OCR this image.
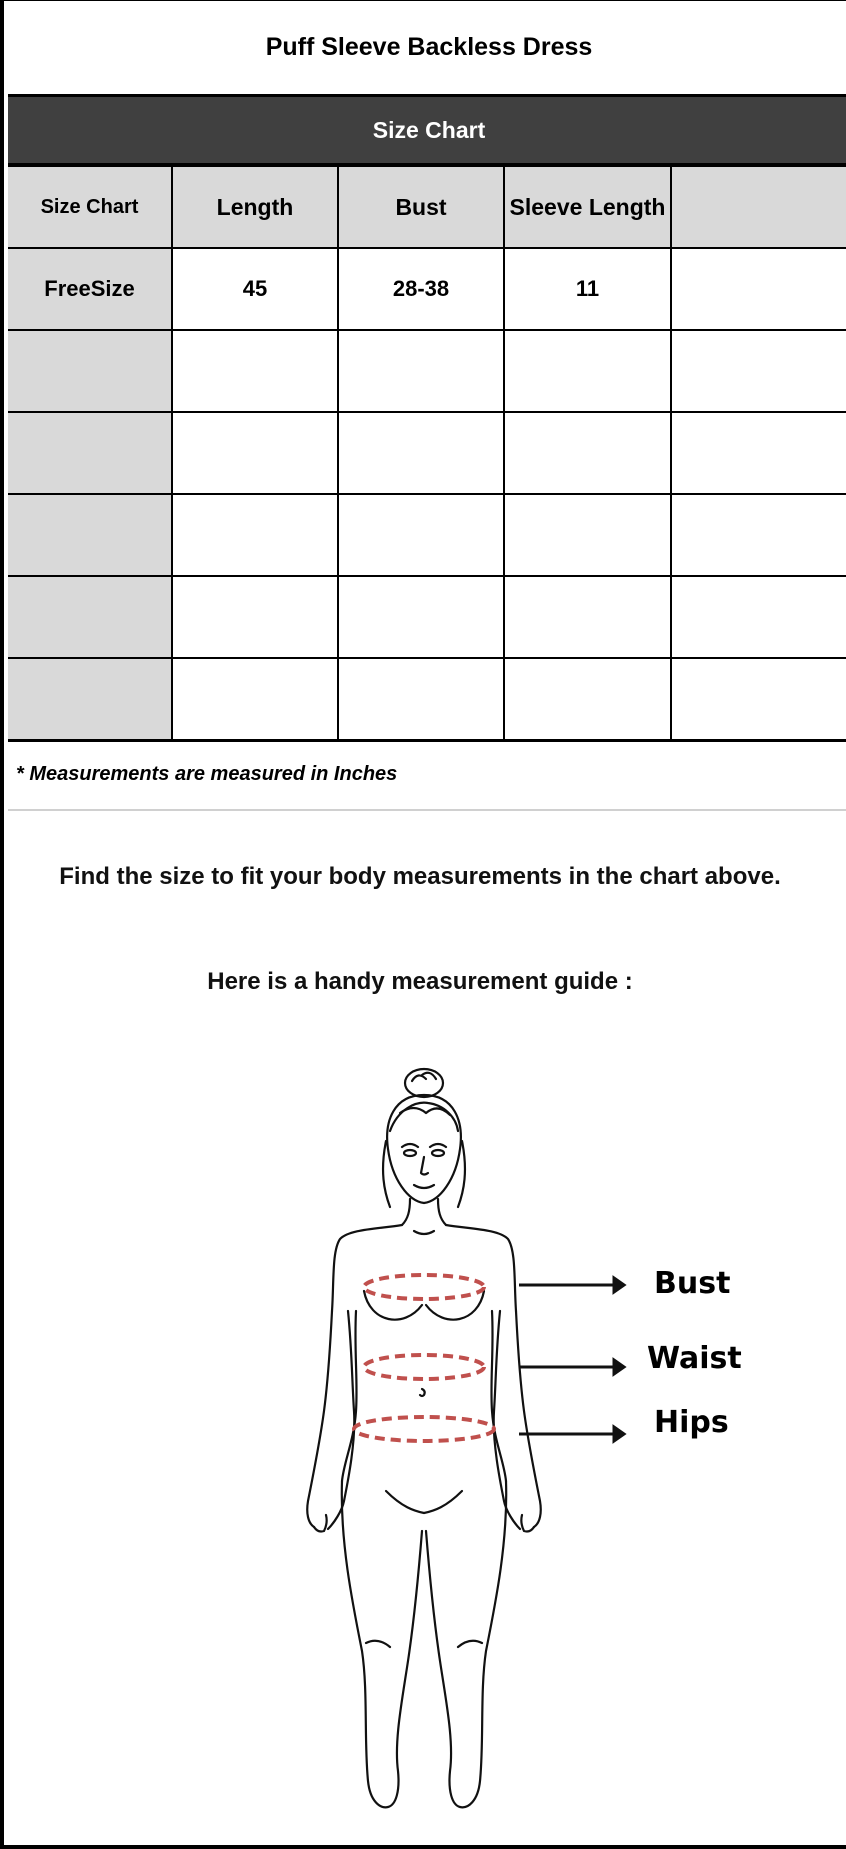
Puff Sleeve Backless Dress
Size Chart
Size Chart	Length	Bust	Sleeve Length	
FreeSize	45	28-38	11	

* Measurements are measured in Inches
Find the size to fit your body measurements in the chart above.
Here is a handy measurement guide :
Bust
Waist
Hips
